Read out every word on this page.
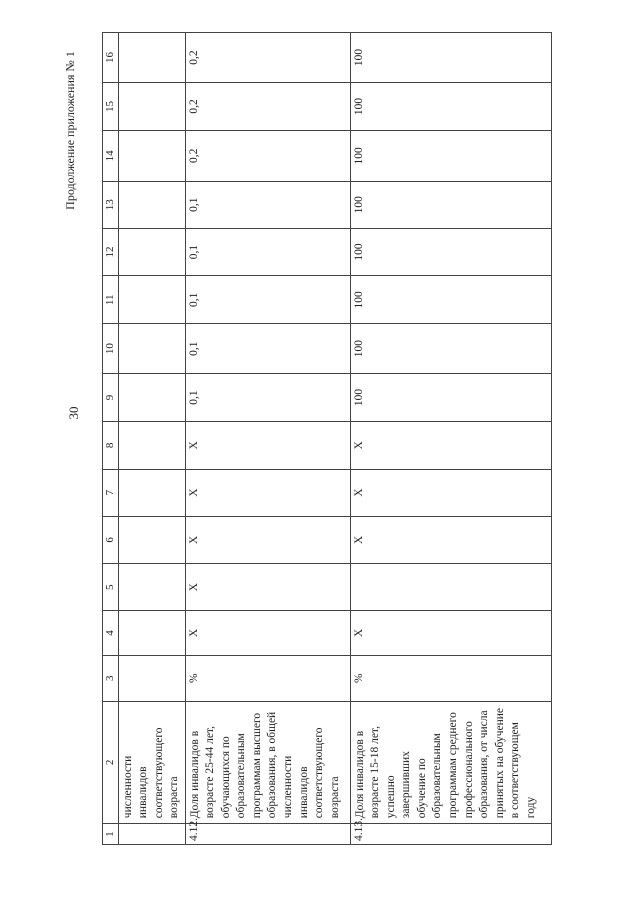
30
Продолжение приложения № 1
1	2	3	4	5	6	7	8	9	10	11	12	13	14	15	16
	численности инвалидов соответствующего возраста														
4.12.	Доля инвалидов в возрасте 25-44 лет, обучающихся по образовательным программам высшего образования, в общей численности инвалидов соответствующего возраста	%	X	X	X	X	X	0,1	0,1	0,1	0,1	0,1	0,2	0,2	0,2
4.13.	Доля инвалидов в возрасте 15-18 лет, успешно завершивших обучение по образовательным программам среднего профессионального образования, от числа принятых на обучение в соответствующем году	%	X		X	X	X	100	100	100	100	100	100	100	100
